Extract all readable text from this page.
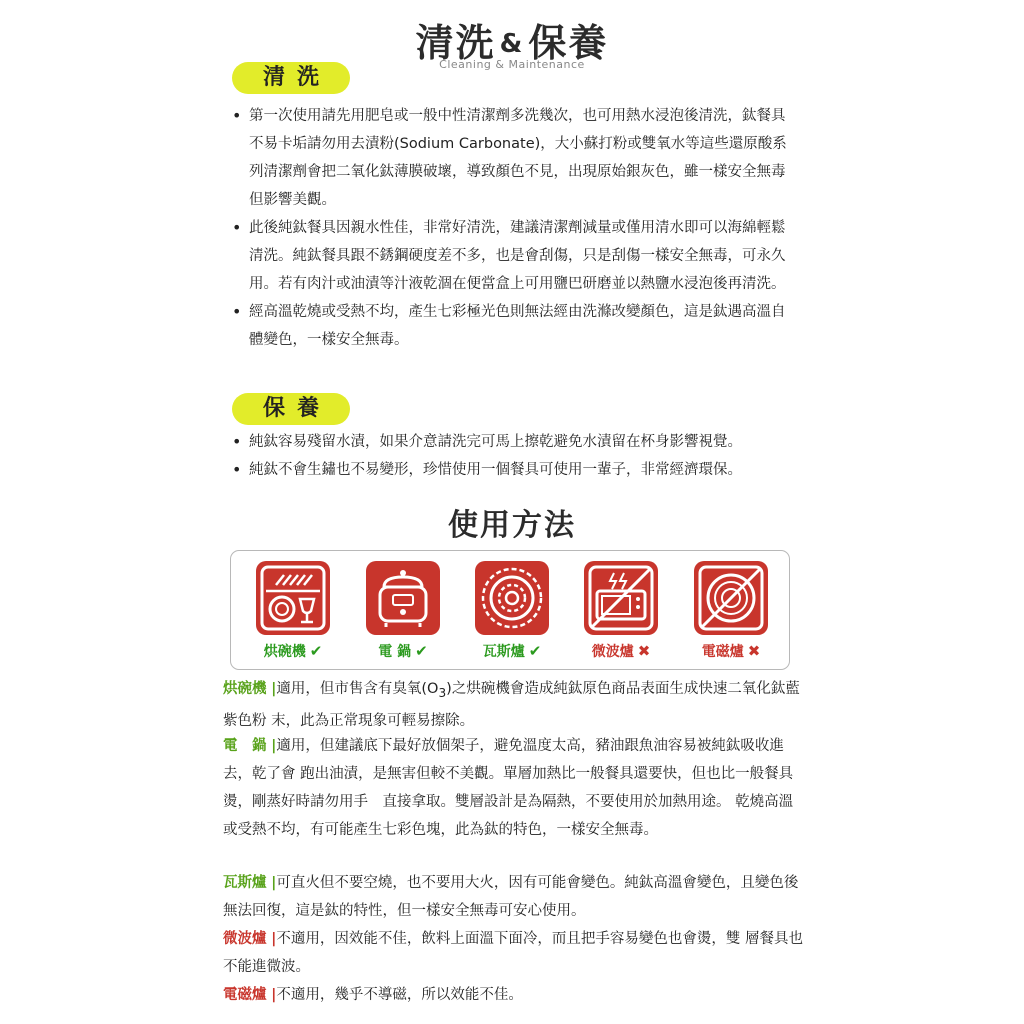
清洗 & 保養
Cleaning & Maintenance
清洗
• 第一次使用請先用肥皂或一般中性清潔劑多洗幾次，也可用熱水浸泡後清洗，鈦餐具不易卡垢請勿用去漬粉(Sodium Carbonate)，大小蘇打粉或雙氧水等這些還原酸系列清潔劑會把二氧化鈦薄膜破壞，導致顏色不見，出現原始銀灰色，雖一樣安全無毒但影響美觀。
• 此後純鈦餐具因親水性佳，非常好清洗，建議清潔劑減量或僅用清水即可以海綿輕鬆清洗。純鈦餐具跟不銹鋼硬度差不多，也是會刮傷，只是刮傷一樣安全無毒，可永久用。若有肉汁或油漬等汁液乾涸在便當盒上可用鹽巴研磨並以熱鹽水浸泡後再清洗。
• 經高溫乾燒或受熱不均，產生七彩極光色則無法經由洗滌改變顏色，這是鈦遇高溫自體變色，一樣安全無毒。
保養
• 純鈦容易殘留水漬，如果介意請洗完可馬上擦乾避免水漬留在杯身影響視覺。
• 純鈦不會生鏽也不易變形，珍惜使用一個餐具可使用一輩子，非常經濟環保。
使用方法
烘碗機 ✔	電 鍋 ✔	瓦斯爐 ✔	微波爐 ✖	電磁爐 ✖

烘碗機 |適用，但市售含有臭氧$(O_3)$之烘碗機會造成純鈦原色商品表面生成快速二氧化鈦藍紫色粉 末，此為正常現象可輕易擦除。

電　鍋 |適用，但建議底下最好放個架子，避免溫度太高，豬油跟魚油容易被純鈦吸收進去，乾了會 跑出油漬，是無害但較不美觀。單層加熱比一般餐具還要快，但也比一般餐具燙，剛蒸好時請勿用手　直接拿取。雙層設計是為隔熱，不要使用於加熱用途。 乾燒高溫或受熱不均，有可能產生七彩色塊，此為鈦的特色，一樣安全無毒。

瓦斯爐 |可直火但不要空燒，也不要用大火，因有可能會變色。純鈦高溫會變色，且變色後無法回復，這是鈦的特性，但一樣安全無毒可安心使用。

微波爐 |不適用，因效能不佳，飲料上面溫下面冷，而且把手容易變色也會燙，雙 層餐具也不能進微波。

電磁爐 |不適用，幾乎不導磁，所以效能不佳。
